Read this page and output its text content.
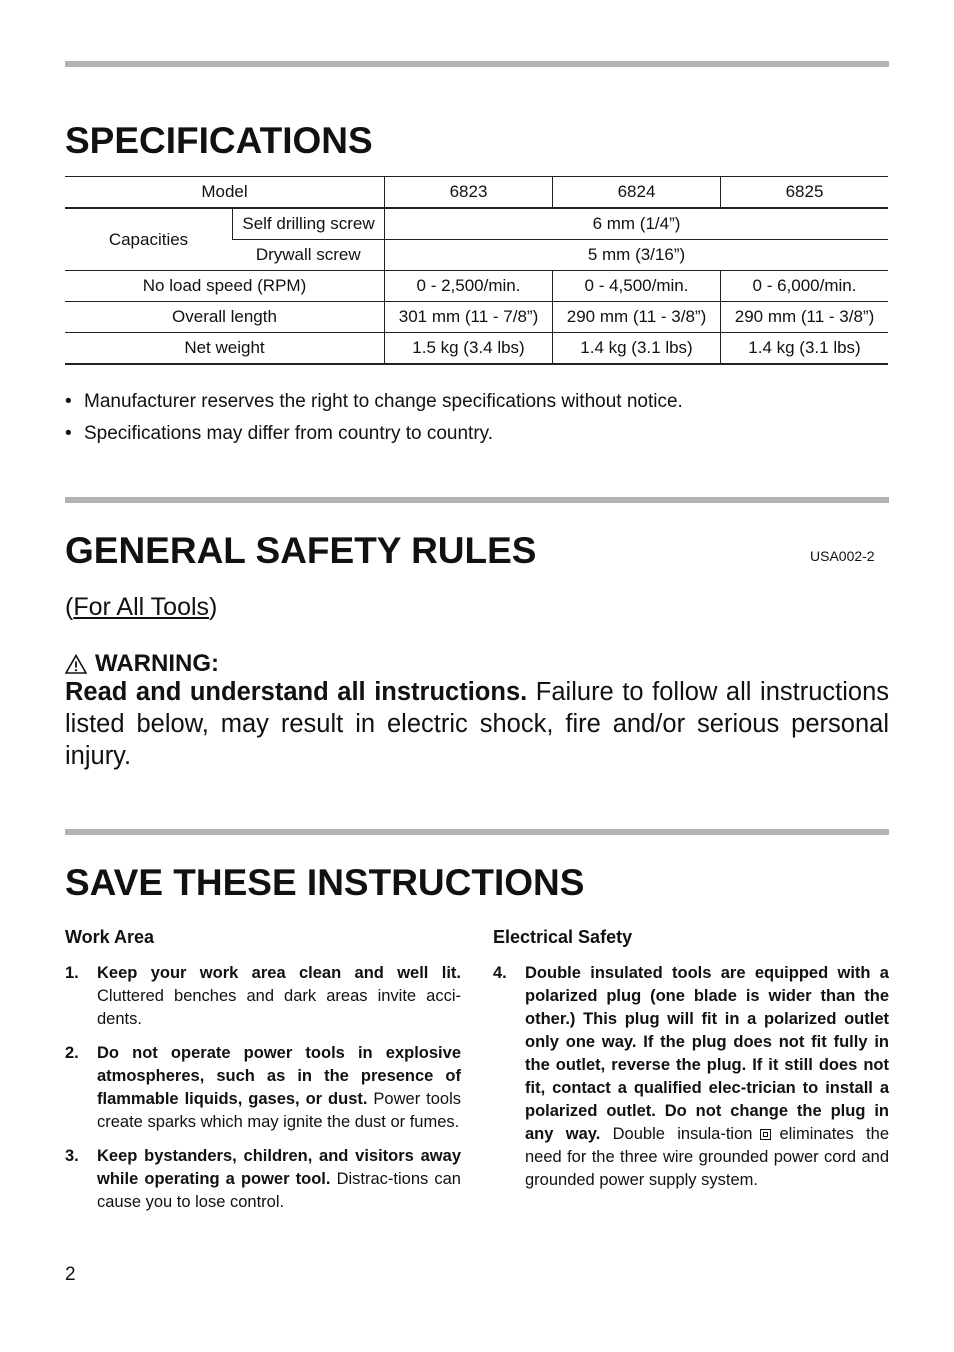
SPECIFICATIONS
Model		6823	6824	6825
Capacities	Self drilling screw	6 mm (1/4”)		
	Drywall screw	5 mm (3/16”)		
No load speed (RPM)		0 - 2,500/min.	0 - 4,500/min.	0 - 6,000/min.
Overall length		301 mm (11 - 7/8”)	290 mm (11 - 3/8”)	290 mm (11 - 3/8”)
Net weight		1.5 kg (3.4 lbs)	1.4 kg (3.1 lbs)	1.4 kg (3.1 lbs)
• Manufacturer reserves the right to change specifications without notice.
• Specifications may differ from country to country.
GENERAL SAFETY RULES	USA002-2
(For All Tools)
WARNING:
Read and understand all instructions. Failure to follow all instructions listed below, may result in electric shock, fire and/or serious personal injury.
SAVE THESE INSTRUCTIONS
Work Area
1.	Keep your work area clean and well lit. Cluttered benches and dark areas invite acci-dents.
2.	Do not operate power tools in explosive atmospheres, such as in the presence of flammable liquids, gases, or dust. Power tools create sparks which may ignite the dust or fumes.
3.	Keep bystanders, children, and visitors away while operating a power tool. Distrac-tions can cause you to lose control.
Electrical Safety
4.	Double insulated tools are equipped with a polarized plug (one blade is wider than the other.) This plug will fit in a polarized outlet only one way. If the plug does not fit fully in the outlet, reverse the plug. If it still does not fit, contact a qualified elec-trician to install a polarized outlet. Do not change the plug in any way. Double insula-tion eliminates the need for the three wire grounded power cord and grounded power supply system.
2
